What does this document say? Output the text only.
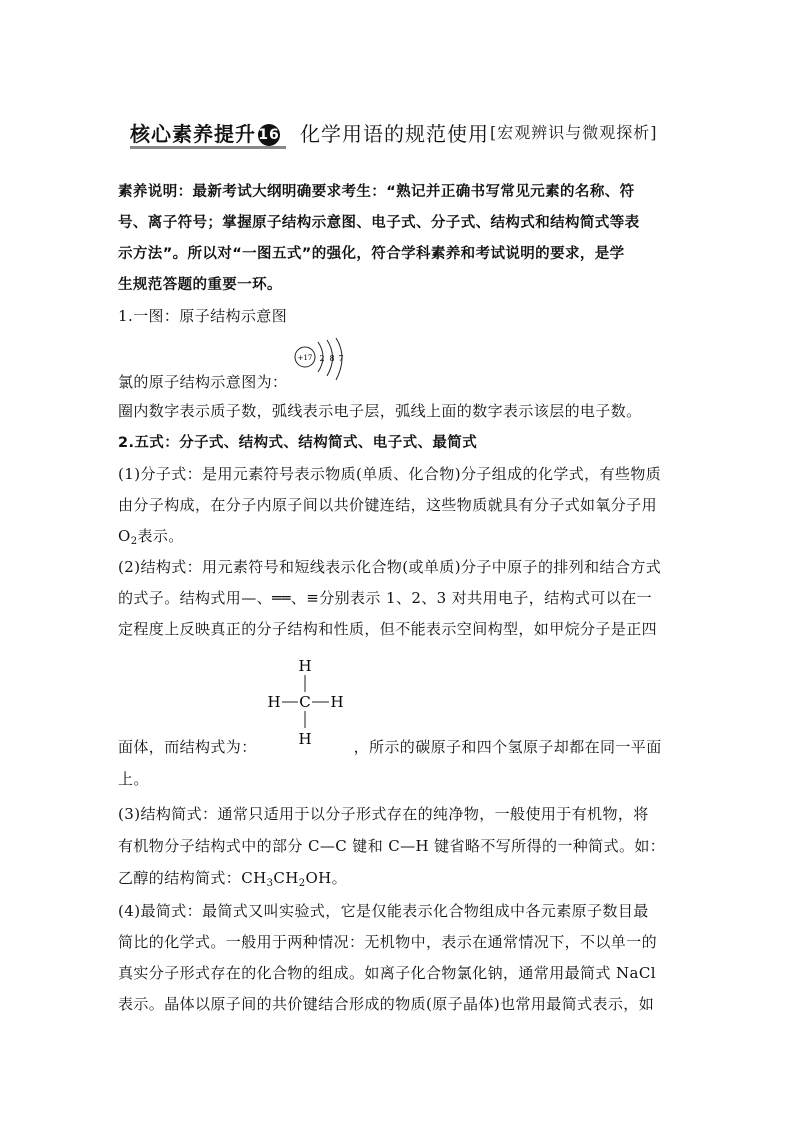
核心素养提升 16 化学用语的规范使用 [宏观辨识与微观探析]
素养说明：最新考试大纲明确要求考生：“熟记并正确书写常见元素的名称、符
号、离子符号；掌握原子结构示意图、电子式、分子式、结构式和结构简式等表
示方法”。所以对“一图五式”的强化，符合学科素养和考试说明的要求，是学
生规范答题的重要一环。
1.一图：原子结构示意图
+17 2 8 7
氯的原子结构示意图为：
圈内数字表示质子数，弧线表示电子层，弧线上面的数字表示该层的电子数。
2.五式：分子式、结构式、结构简式、电子式、最简式
(1)分子式：是用元素符号表示物质(单质、化合物)分子组成的化学式，有些物质
由分子构成，在分子内原子间以共价键连结，这些物质就具有分子式如氧分子用
$O_2$表示。
(2)结构式：用元素符号和短线表示化合物(或单质)分子中原子的排列和结合方式
的式子。结构式用—、══、≡分别表示 1、2、3 对共用电子，结构式可以在一
定程度上反映真正的分子结构和性质，但不能表示空间构型，如甲烷分子是正四
H
C
H	H
H
面体，而结构式为：	，所示的碳原子和四个氢原子却都在同一平面
上。
(3)结构简式：通常只适用于以分子形式存在的纯净物，一般使用于有机物，将
有机物分子结构式中的部分 C—C 键和 C—H 键省略不写所得的一种简式。如：
乙醇的结构简式：$CH_3CH_2OH$。
(4)最简式：最简式又叫实验式，它是仅能表示化合物组成中各元素原子数目最
简比的化学式。一般用于两种情况：无机物中，表示在通常情况下，不以单一的
真实分子形式存在的化合物的组成。如离子化合物氯化钠，通常用最简式 NaCl
表示。晶体以原子间的共价键结合形成的物质(原子晶体)也常用最简式表示，如
